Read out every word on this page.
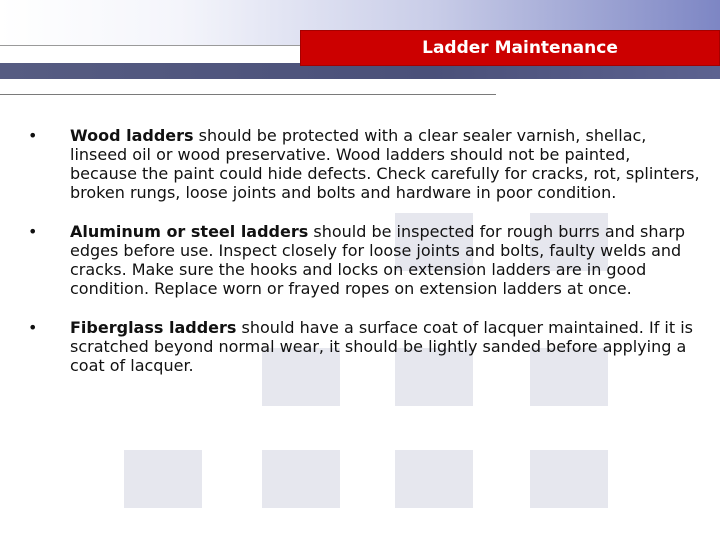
Ladder Maintenance
• Wood ladders should be protected with a clear sealer varnish, shellac, linseed oil or wood preservative. Wood ladders should not be painted, because the paint could hide defects. Check carefully for cracks, rot, splinters, broken rungs, loose joints and bolts and hardware in poor condition.
• Aluminum or steel ladders should be inspected for rough burrs and sharp edges before use. Inspect closely for loose joints and bolts, faulty welds and cracks. Make sure the hooks and locks on extension ladders are in good condition. Replace worn or frayed ropes on extension ladders at once.
• Fiberglass ladders should have a surface coat of lacquer maintained. If it is scratched beyond normal wear, it should be lightly sanded before applying a coat of lacquer.
